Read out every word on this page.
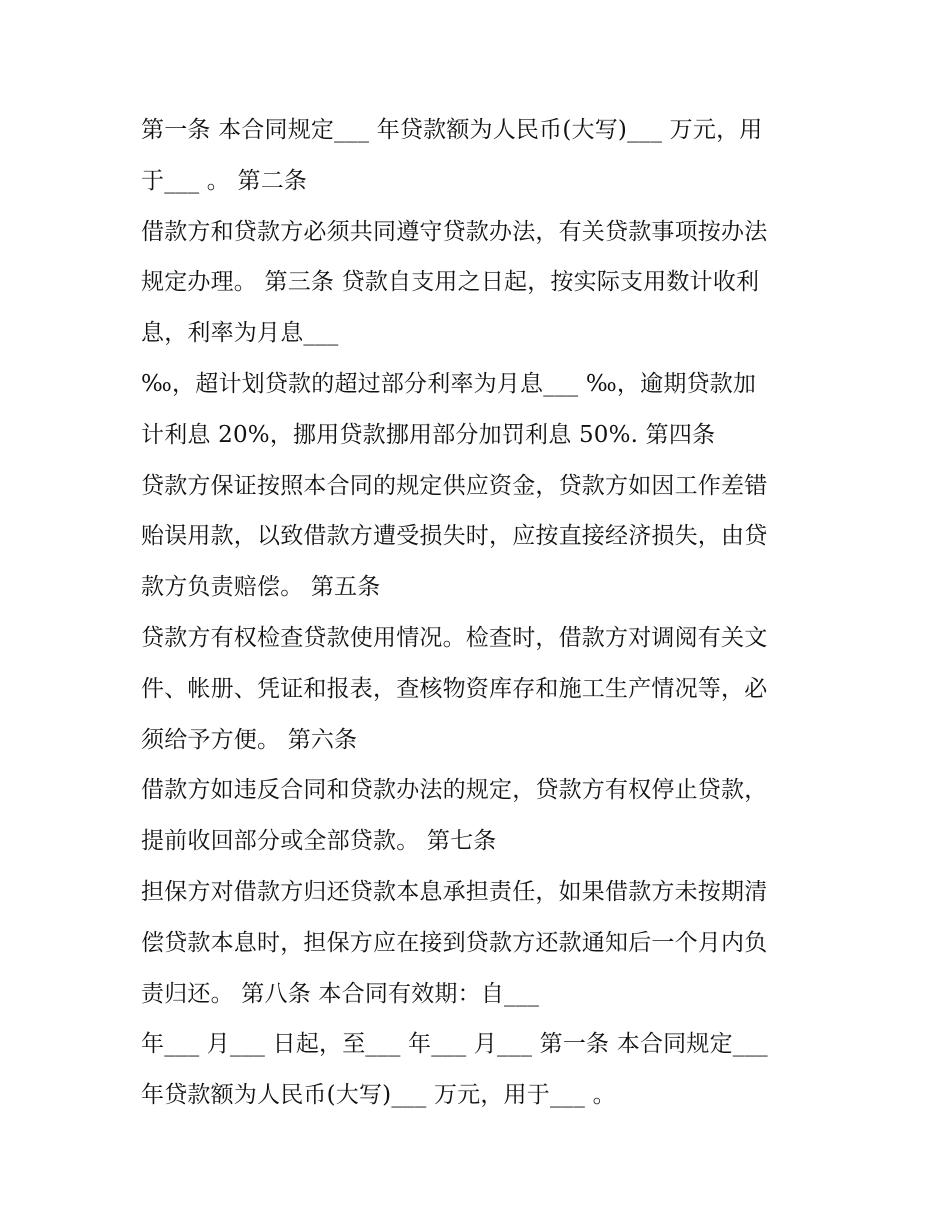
第一条 本合同规定___ 年贷款额为人民币(大写)___ 万元，用
于___ 。 第二条
借款方和贷款方必须共同遵守贷款办法，有关贷款事项按办法
规定办理。 第三条 贷款自支用之日起，按实际支用数计收利
息，利率为月息___
‰，超计划贷款的超过部分利率为月息___ ‰，逾期贷款加
计利息 20%，挪用贷款挪用部分加罚利息 50%. 第四条
贷款方保证按照本合同的规定供应资金，贷款方如因工作差错
贻误用款，以致借款方遭受损失时，应按直接经济损失，由贷
款方负责赔偿。 第五条
贷款方有权检查贷款使用情况。检查时，借款方对调阅有关文
件、帐册、凭证和报表，查核物资库存和施工生产情况等，必
须给予方便。 第六条
借款方如违反合同和贷款办法的规定，贷款方有权停止贷款，
提前收回部分或全部贷款。 第七条
担保方对借款方归还贷款本息承担责任，如果借款方未按期清
偿贷款本息时，担保方应在接到贷款方还款通知后一个月内负
责归还。 第八条 本合同有效期：自___
年___ 月___ 日起，至___ 年___ 月___ 第一条 本合同规定___
年贷款额为人民币(大写)___ 万元，用于___ 。
